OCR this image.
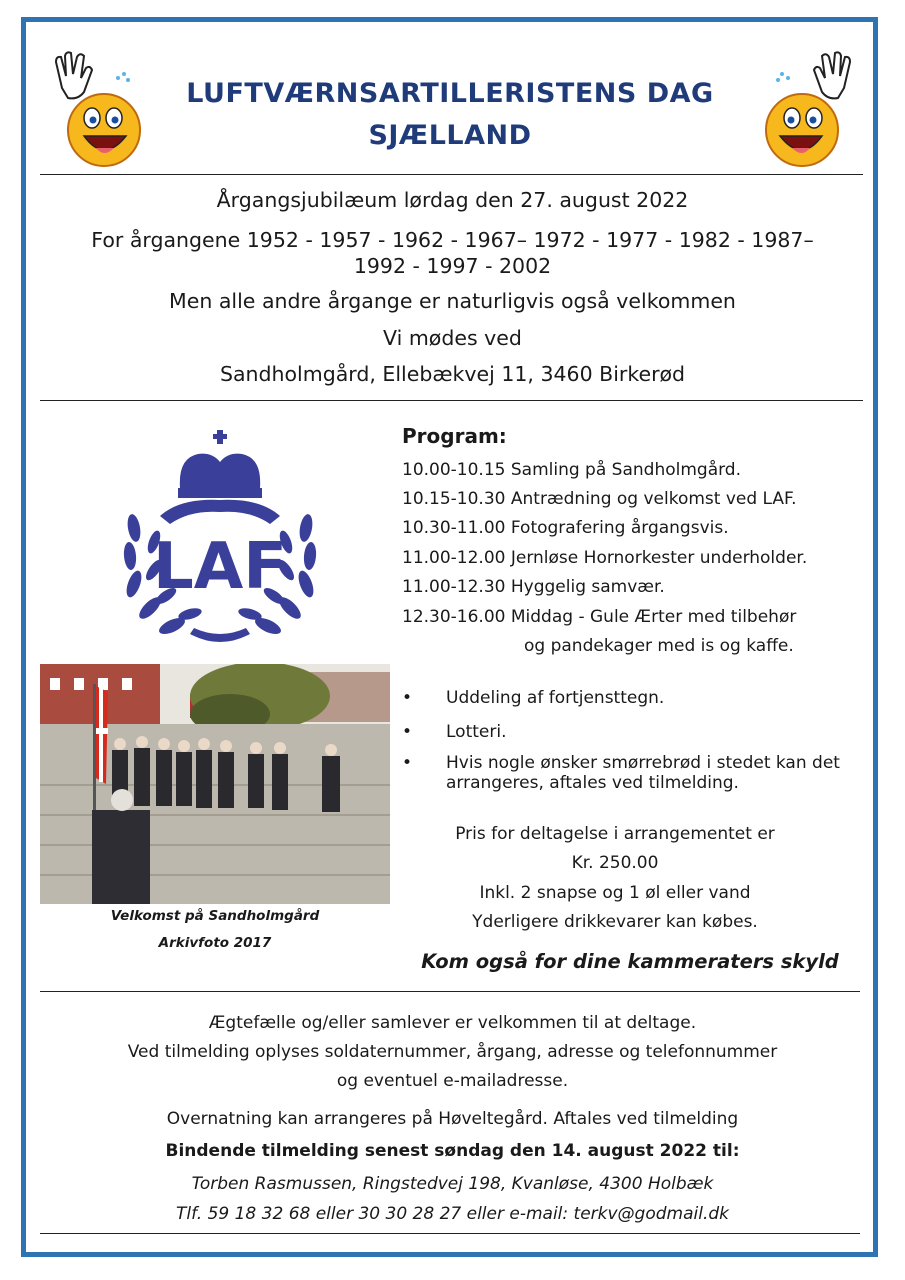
LUFTVÆRNSARTILLERISTENS DAG
SJÆLLAND
Årgangsjubilæum lørdag den 27. august 2022
For årgangene 1952 - 1957 - 1962 - 1967– 1972 - 1977 - 1982 - 1987–
1992 - 1997 - 2002
Men alle andre årgange er naturligvis også velkommen
Vi mødes ved
Sandholmgård, Ellebækvej 11, 3460 Birkerød
LAF
Program:
10.00-10.15 Samling på Sandholmgård.
10.15-10.30 Antrædning og velkomst ved LAF.
10.30-11.00 Fotografering årgangsvis.
11.00-12.00 Jernløse Hornorkester underholder.
11.00-12.30 Hyggelig samvær.
12.30-16.00 Middag - Gule Ærter med tilbehør
og pandekager med is og kaffe.
Velkomst på Sandholmgård
Arkivfoto 2017
• Uddeling af fortjensttegn.
• Lotteri.
• Hvis nogle ønsker smørrebrød i stedet kan det arrangeres, aftales ved tilmelding.
Pris for deltagelse i arrangementet er
Kr. 250.00
Inkl. 2 snapse og 1 øl eller vand
Yderligere drikkevarer kan købes.
Kom også for dine kammeraters skyld
Ægtefælle og/eller samlever er velkommen til at deltage.
Ved tilmelding oplyses soldaternummer, årgang, adresse og telefonnummer
og eventuel e-mailadresse.
Overnatning kan arrangeres på Høveltegård. Aftales ved tilmelding
Bindende tilmelding senest søndag den 14. august 2022 til:
Torben Rasmussen, Ringstedvej 198, Kvanløse, 4300 Holbæk
Tlf. 59 18 32 68 eller 30 30 28 27 eller e-mail: terkv@godmail.dk
